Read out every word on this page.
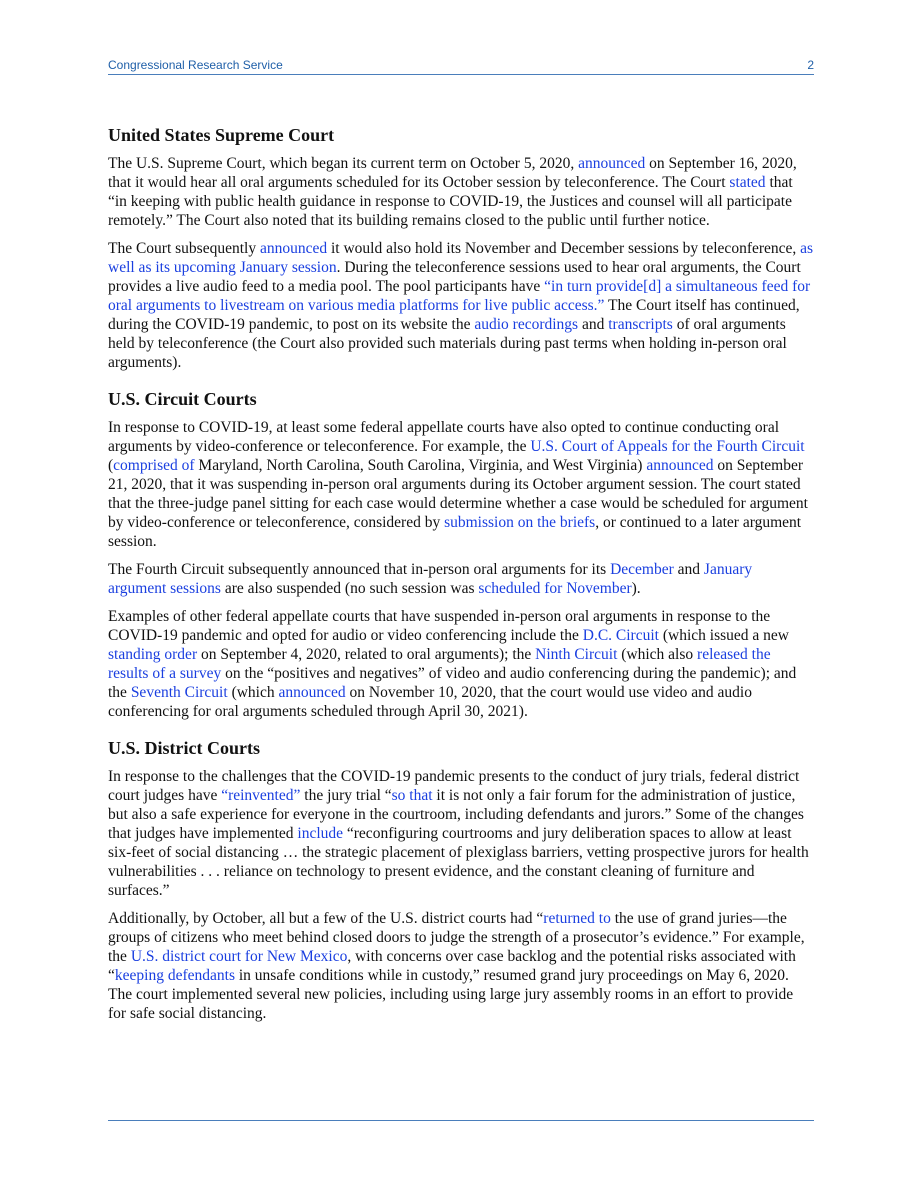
Congressional Research Service	2
United States Supreme Court

The U.S. Supreme Court, which began its current term on October 5, 2020, announced on September 16, 2020, that it would hear all oral arguments scheduled for its October session by teleconference. The Court stated that “in keeping with public health guidance in response to COVID-19, the Justices and counsel will all participate remotely.” The Court also noted that its building remains closed to the public until further notice.

The Court subsequently announced it would also hold its November and December sessions by teleconference, as well as its upcoming January session. During the teleconference sessions used to hear oral arguments, the Court provides a live audio feed to a media pool. The pool participants have “in turn provide[d] a simultaneous feed for oral arguments to livestream on various media platforms for live public access.” The Court itself has continued, during the COVID-19 pandemic, to post on its website the audio recordings and transcripts of oral arguments held by teleconference (the Court also provided such materials during past terms when holding in-person oral arguments).

U.S. Circuit Courts

In response to COVID-19, at least some federal appellate courts have also opted to continue conducting oral arguments by video-conference or teleconference. For example, the U.S. Court of Appeals for the Fourth Circuit (comprised of Maryland, North Carolina, South Carolina, Virginia, and West Virginia) announced on September 21, 2020, that it was suspending in-person oral arguments during its October argument session. The court stated that the three-judge panel sitting for each case would determine whether a case would be scheduled for argument by video-conference or teleconference, considered by submission on the briefs, or continued to a later argument session.

The Fourth Circuit subsequently announced that in-person oral arguments for its December and January argument sessions are also suspended (no such session was scheduled for November).

Examples of other federal appellate courts that have suspended in-person oral arguments in response to the COVID-19 pandemic and opted for audio or video conferencing include the D.C. Circuit (which issued a new standing order on September 4, 2020, related to oral arguments); the Ninth Circuit (which also released the results of a survey on the “positives and negatives” of video and audio conferencing during the pandemic); and the Seventh Circuit (which announced on November 10, 2020, that the court would use video and audio conferencing for oral arguments scheduled through April 30, 2021).

U.S. District Courts

In response to the challenges that the COVID-19 pandemic presents to the conduct of jury trials, federal district court judges have “reinvented” the jury trial “so that it is not only a fair forum for the administration of justice, but also a safe experience for everyone in the courtroom, including defendants and jurors.” Some of the changes that judges have implemented include “reconfiguring courtrooms and jury deliberation spaces to allow at least six-feet of social distancing … the strategic placement of plexiglass barriers, vetting prospective jurors for health vulnerabilities . . . reliance on technology to present evidence, and the constant cleaning of furniture and surfaces.”

Additionally, by October, all but a few of the U.S. district courts had “returned to the use of grand juries—the groups of citizens who meet behind closed doors to judge the strength of a prosecutor’s evidence.” For example, the U.S. district court for New Mexico, with concerns over case backlog and the potential risks associated with “keeping defendants in unsafe conditions while in custody,” resumed grand jury proceedings on May 6, 2020. The court implemented several new policies, including using large jury assembly rooms in an effort to provide for safe social distancing.
